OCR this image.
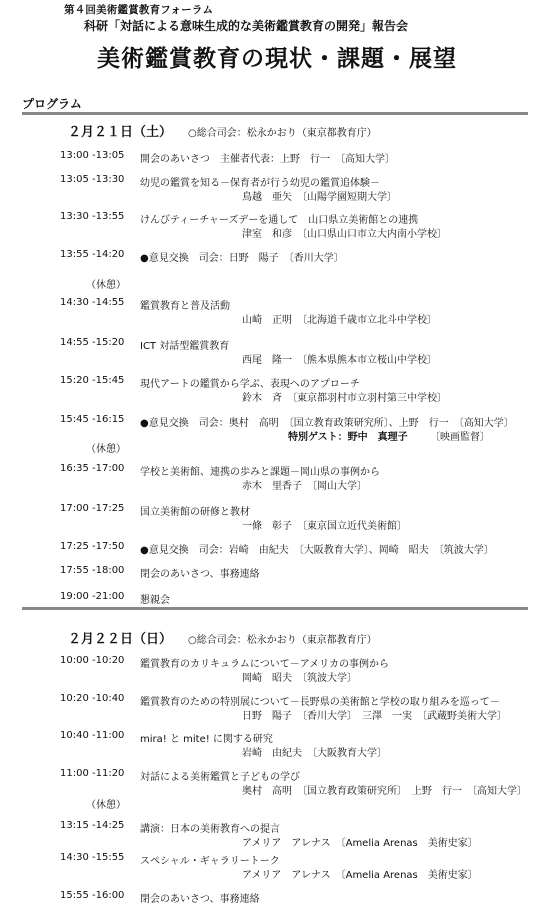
第４回美術鑑賞教育フォーラム
科研「対話による意味生成的な美術鑑賞教育の開発」報告会
美術鑑賞教育の現状・課題・展望
プログラム
２月２１日（土） ○総合司会：松永かおり（東京都教育庁）
13:00 -13:05 開会のあいさつ　主催者代表：上野　行一　〔高知大学〕
13:05 -13:30 幼児の鑑賞を知る－保育者が行う幼児の鑑賞追体験－
鳥越　亜矢　〔山陽学園短期大学〕
13:30 -13:55 けんびティーチャーズデーを通して　山口県立美術館との連携
津室　和彦　〔山口県山口市立大内南小学校〕
13:55 -14:20 ●意見交換　司会：日野　陽子　〔香川大学〕
14:30 -14:55 鑑賞教育と普及活動
山崎　正明　〔北海道千歳市立北斗中学校〕
14:55 -15:20 ICT 対話型鑑賞教育
西尾　隆一　〔熊本県熊本市立桜山中学校〕
15:20 -15:45 現代アートの鑑賞から学ぶ、表現へのアプローチ
鈴木　斉　〔東京都羽村市立羽村第三中学校〕
15:45 -16:15 ●意見交換　司会：奥村　高明　〔国立教育政策研究所〕、上野　行一　〔高知大学〕
特別ゲスト：野中　真理子 〔映画監督〕
16:35 -17:00 学校と美術館、連携の歩みと課題－岡山県の事例から
赤木　里香子　〔岡山大学〕
17:00 -17:25 国立美術館の研修と教材
一條　彰子　〔東京国立近代美術館〕
17:25 -17:50 ●意見交換　司会：岩崎　由紀夫　〔大阪教育大学〕、岡崎　昭夫　〔筑波大学〕
17:55 -18:00 閉会のあいさつ、事務連絡
19:00 -21:00 懇親会
（休憩）
（休憩）
２月２２日（日） ○総合司会：松永かおり（東京都教育庁）
10:00 -10:20 鑑賞教育のカリキュラムについて－アメリカの事例から
岡崎　昭夫　〔筑波大学〕
10:20 -10:40 鑑賞教育のための特別展について－長野県の美術館と学校の取り組みを巡って－
日野　陽子　〔香川大学〕　三澤　一実　〔武蔵野美術大学〕
10:40 -11:00 mira! と mite! に関する研究
岩崎　由紀夫　〔大阪教育大学〕
11:00 -11:20 対話による美術鑑賞と子どもの学び
奥村　高明　〔国立教育政策研究所〕　上野　行一　〔高知大学〕
13:15 -14:25 講演：日本の美術教育への提言
アメリア　アレナス　〔Amelia Arenas　美術史家〕
14:30 -15:55 スペシャル・ギャラリートーク
アメリア　アレナス　〔Amelia Arenas　美術史家〕
15:55 -16:00 閉会のあいさつ、事務連絡
（休憩）
